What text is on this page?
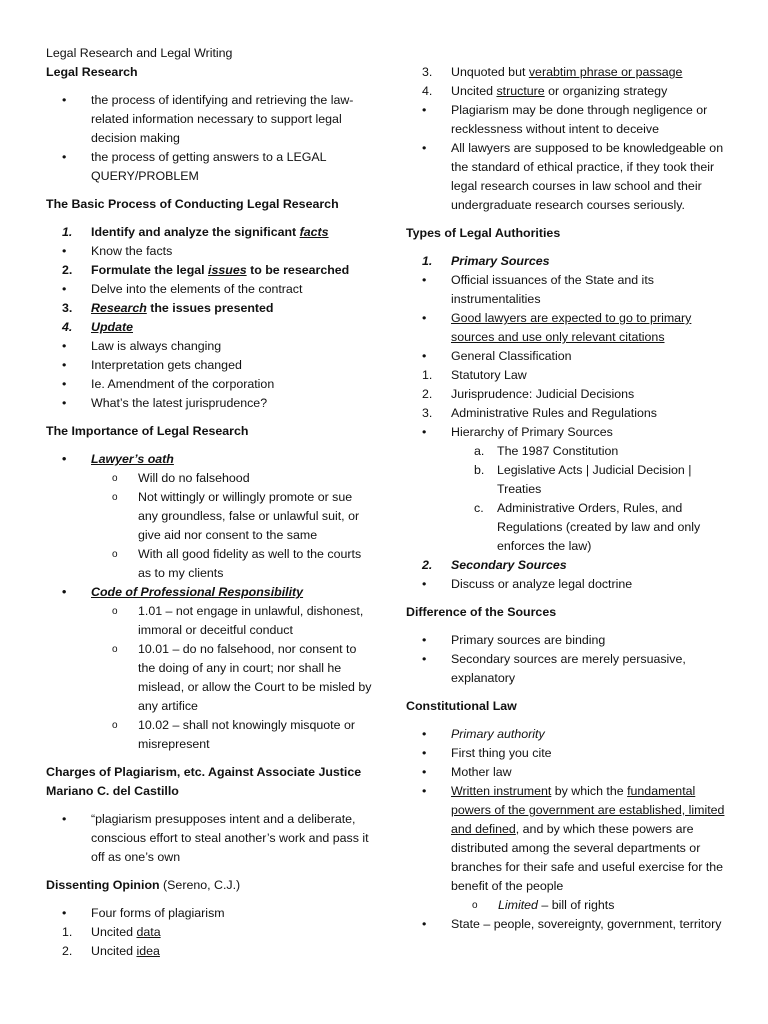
Legal Research and Legal Writing

Legal Research

•	the process of identifying and retrieving the law-related information necessary to support legal decision making
•	the process of getting answers to a LEGAL QUERY/PROBLEM

The Basic Process of Conducting Legal Research

1.	Identify and analyze the significant facts
•	Know the facts
2.	Formulate the legal issues to be researched
•	Delve into the elements of the contract
3.	Research the issues presented
4.	Update
•	Law is always changing
•	Interpretation gets changed
•	Ie. Amendment of the corporation
•	What’s the latest jurisprudence?

The Importance of Legal Research

•	Lawyer’s oath
o	Will do no falsehood
o	Not wittingly or willingly promote or sue any groundless, false or unlawful suit, or give aid nor consent to the same
o	With all good fidelity as well to the courts as to my clients
•	Code of Professional Responsibility
o	1.01 – not engage in unlawful, dishonest, immoral or deceitful conduct
o	10.01 – do no falsehood, nor consent to the doing of any in court; nor shall he mislead, or allow the Court to be misled by any artifice
o	10.02 – shall not knowingly misquote or misrepresent

Charges of Plagiarism, etc. Against Associate Justice Mariano C. del Castillo

•	“plagiarism presupposes intent and a deliberate, conscious effort to steal another’s work and pass it off as one’s own

Dissenting Opinion (Sereno, C.J.)

•	Four forms of plagiarism
1.	Uncited data
2.	Uncited idea
3.	Unquoted but verabtim phrase or passage
4.	Uncited structure or organizing strategy
•	Plagiarism may be done through negligence or recklessness without intent to deceive
•	All lawyers are supposed to be knowledgeable on the standard of ethical practice, if they took their legal research courses in law school and their undergraduate research courses seriously.

Types of Legal Authorities

1.	Primary Sources
•	Official issuances of the State and its instrumentalities
•	Good lawyers are expected to go to primary sources and use only relevant citations
•	General Classification
1.	Statutory Law
2.	Jurisprudence: Judicial Decisions
3.	Administrative Rules and Regulations
•	Hierarchy of Primary Sources
a.	The 1987 Constitution
b.	Legislative Acts | Judicial Decision | Treaties
c.	Administrative Orders, Rules, and Regulations (created by law and only enforces the law)
2.	Secondary Sources
•	Discuss or analyze legal doctrine

Difference of the Sources

•	Primary sources are binding
•	Secondary sources are merely persuasive, explanatory

Constitutional Law

•	Primary authority
•	First thing you cite
•	Mother law
•	Written instrument by which the fundamental powers of the government are established, limited and defined, and by which these powers are distributed among the several departments or branches for their safe and useful exercise for the benefit of the people
o	Limited – bill of rights
•	State – people, sovereignty, government, territory
